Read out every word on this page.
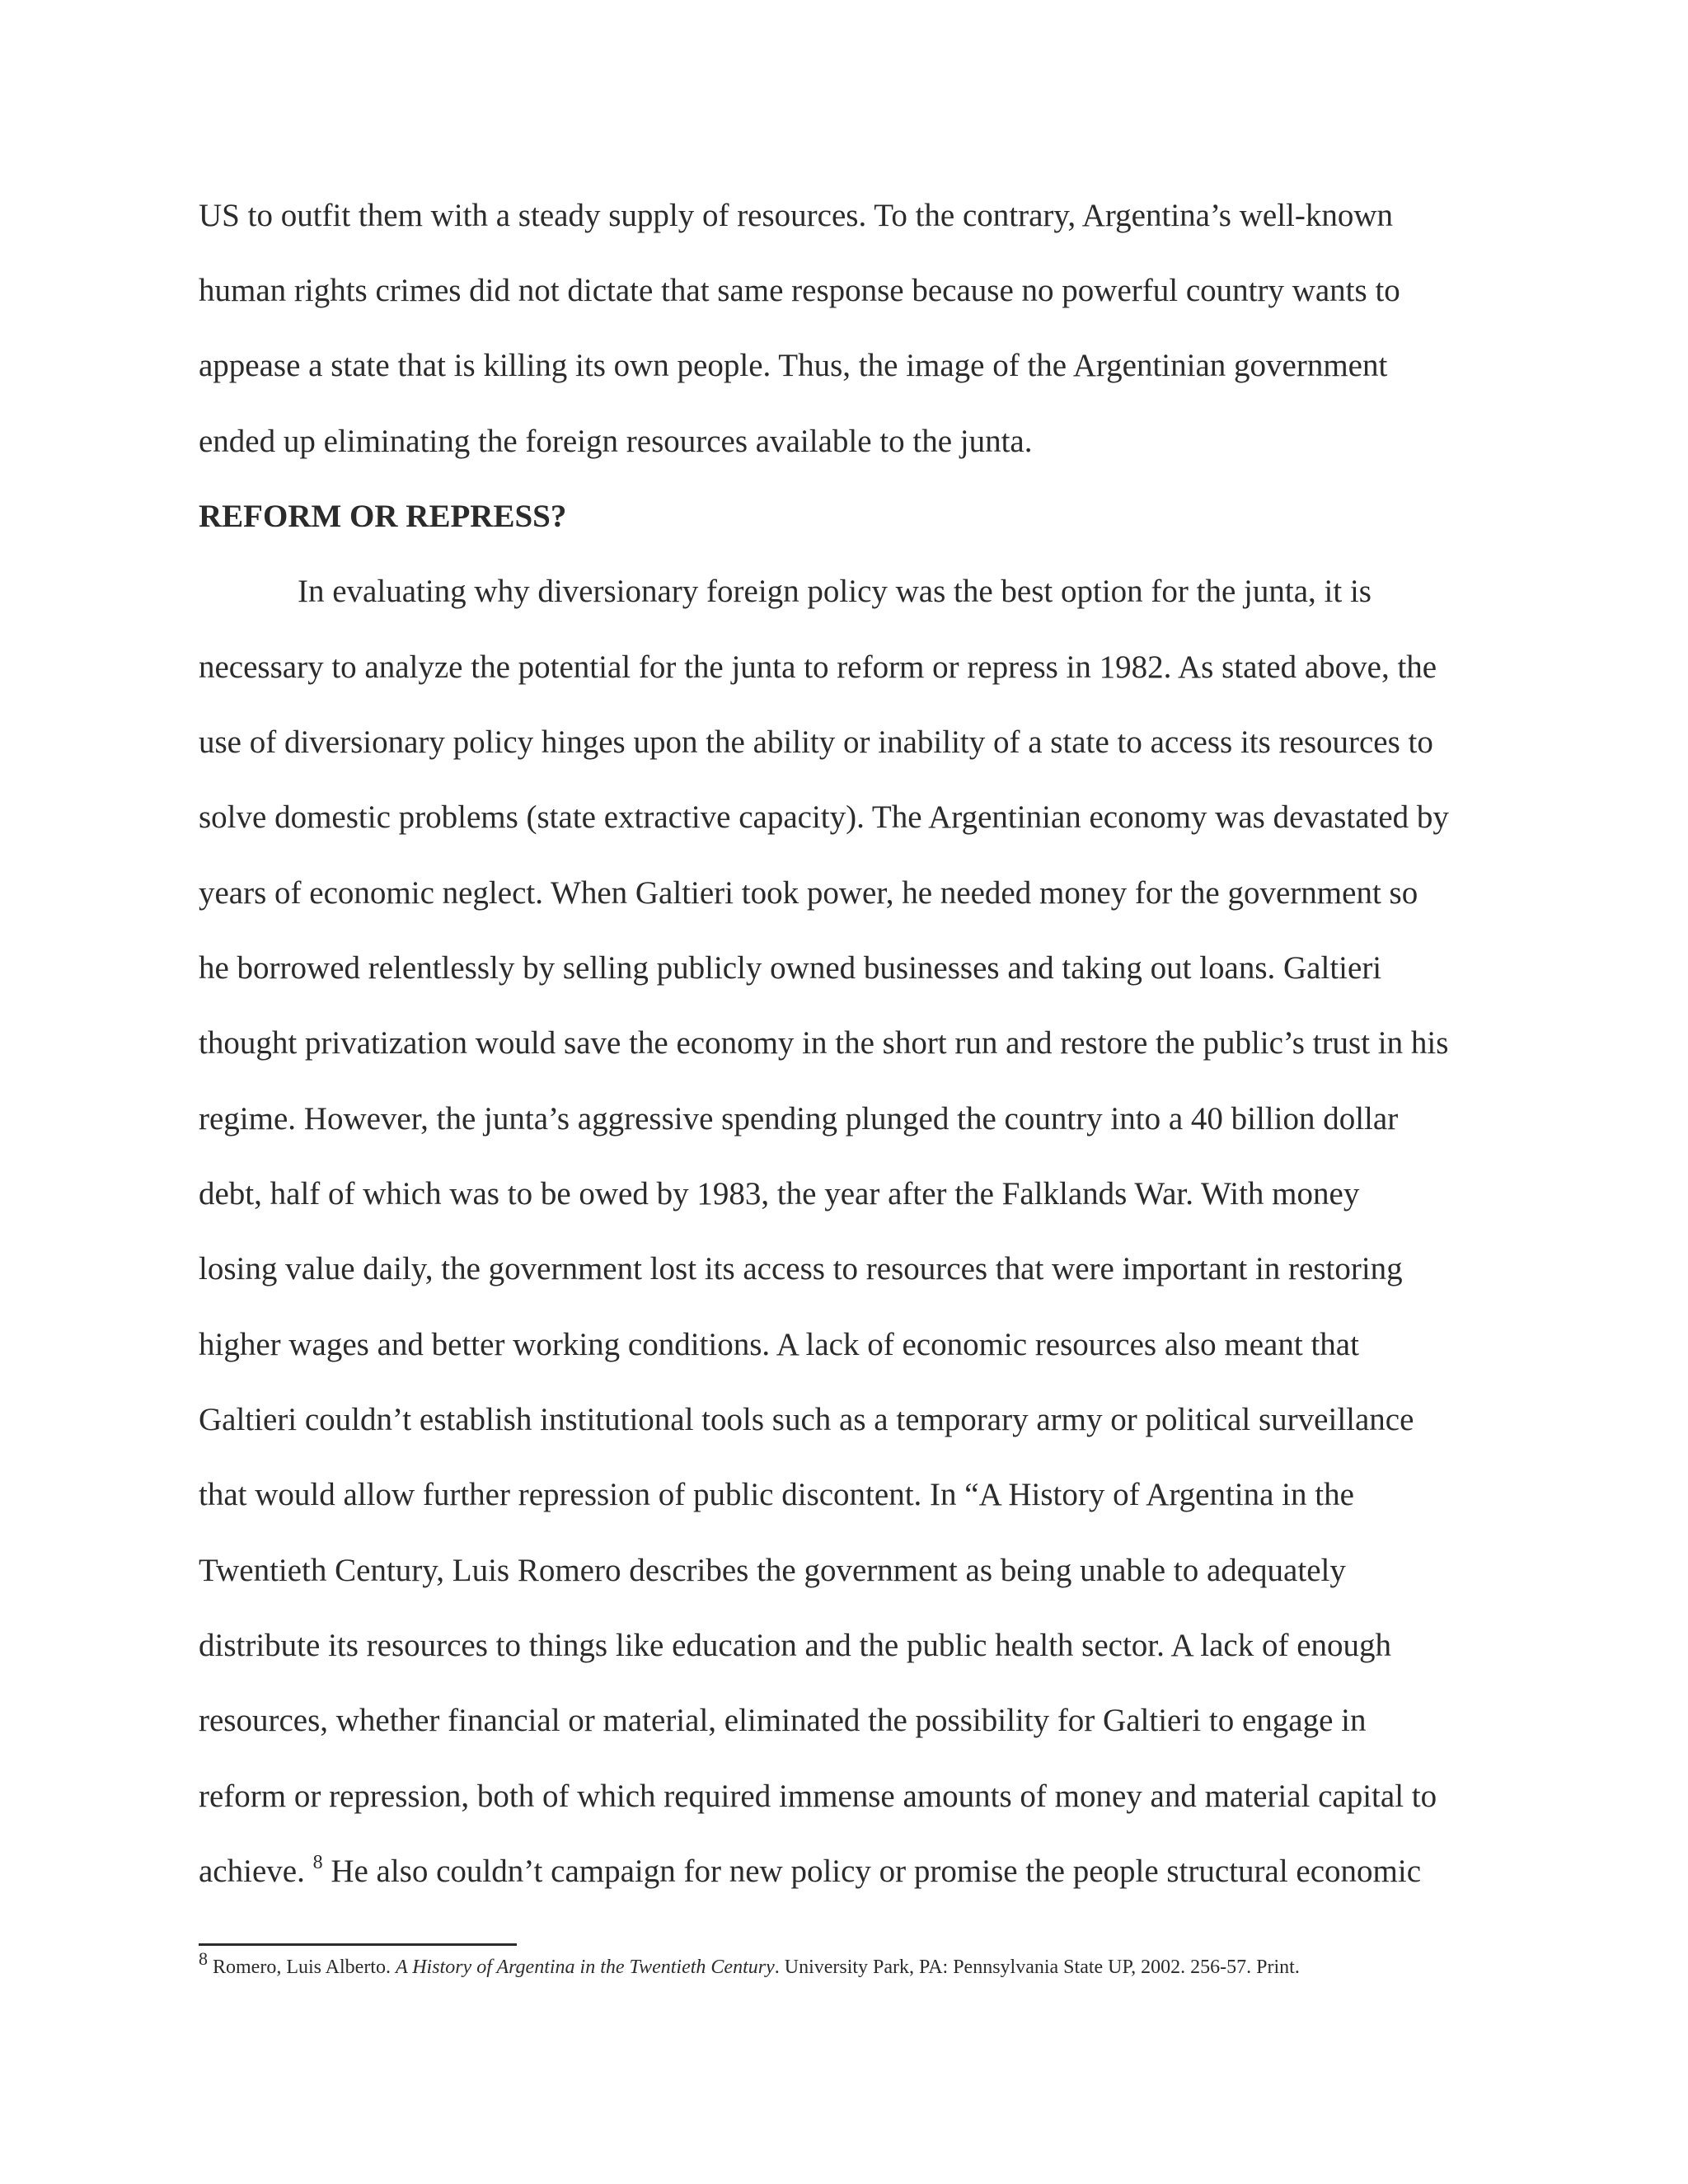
US to outfit them with a steady supply of resources. To the contrary, Argentina’s well-known

human rights crimes did not dictate that same response because no powerful country wants to

appease a state that is killing its own people. Thus, the image of the Argentinian government

ended up eliminating the foreign resources available to the junta.

REFORM OR REPRESS?

In evaluating why diversionary foreign policy was the best option for the junta, it is

necessary to analyze the potential for the junta to reform or repress in 1982. As stated above, the

use of diversionary policy hinges upon the ability or inability of a state to access its resources to

solve domestic problems (state extractive capacity). The Argentinian economy was devastated by

years of economic neglect. When Galtieri took power, he needed money for the government so

he borrowed relentlessly by selling publicly owned businesses and taking out loans. Galtieri

thought privatization would save the economy in the short run and restore the public’s trust in his

regime. However, the junta’s aggressive spending plunged the country into a 40 billion dollar

debt, half of which was to be owed by 1983, the year after the Falklands War. With money

losing value daily, the government lost its access to resources that were important in restoring

higher wages and better working conditions. A lack of economic resources also meant that

Galtieri couldn’t establish institutional tools such as a temporary army or political surveillance

that would allow further repression of public discontent. In “A History of Argentina in the

Twentieth Century, Luis Romero describes the government as being unable to adequately

distribute its resources to things like education and the public health sector. A lack of enough

resources, whether financial or material, eliminated the possibility for Galtieri to engage in

reform or repression, both of which required immense amounts of money and material capital to

achieve. $^8$ He also couldn’t campaign for new policy or promise the people structural economic

$^8$ Romero, Luis Alberto. A History of Argentina in the Twentieth Century. University Park, PA: Pennsylvania State UP, 2002. 256-57. Print.
